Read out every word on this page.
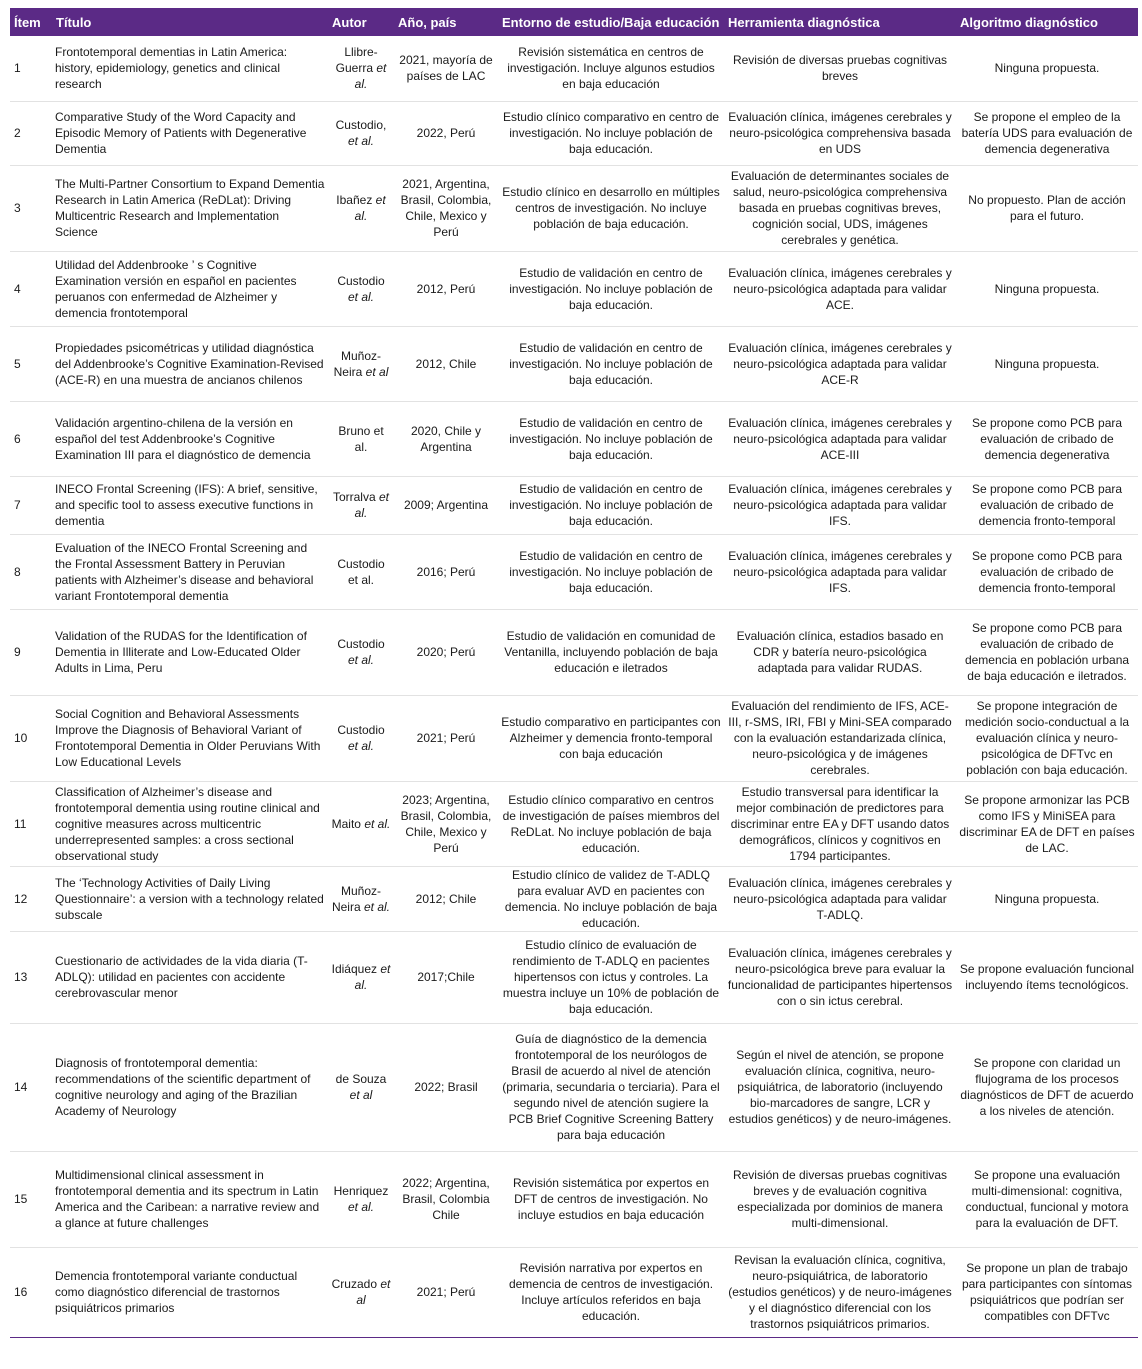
Ítem	Título	Autor	Año, país	Entorno de estudio/Baja educación	Herramienta diagnóstica	Algoritmo diagnóstico
1	Frontotemporal dementias in Latin America: history, epidemiology, genetics and clinical research	Llibre-Guerra et al.	2021, mayoría de países de LAC	Revisión sistemática en centros de investigación. Incluye algunos estudios en baja educación	Revisión de diversas pruebas cognitivas breves	Ninguna propuesta.
2	Comparative Study of the Word Capacity and Episodic Memory of Patients with Degenerative Dementia	Custodio, et al.	2022, Perú	Estudio clínico comparativo en centro de investigación. No incluye población de baja educación.	Evaluación clínica, imágenes cerebrales y neuro-psicológica comprehensiva basada en UDS	Se propone el empleo de la batería UDS para evaluación de demencia degenerativa
3	The Multi-Partner Consortium to Expand Dementia Research in Latin America (ReDLat): Driving Multicentric Research and Implementation Science	Ibañez et al.	2021, Argentina, Brasil, Colombia, Chile, Mexico y Perú	Estudio clínico en desarrollo en múltiples centros de investigación. No incluye población de baja educación.	Evaluación de determinantes sociales de salud, neuro-psicológica comprehensiva basada en pruebas cognitivas breves, cognición social, UDS, imágenes cerebrales y genética.	No propuesto. Plan de acción para el futuro.
4	Utilidad del Addenbrooke ’ s Cognitive Examination versión en español en pacientes peruanos con enfermedad de Alzheimer y demencia frontotemporal	Custodio et al.	2012, Perú	Estudio de validación en centro de investigación. No incluye población de baja educación.	Evaluación clínica, imágenes cerebrales y neuro-psicológica adaptada para validar ACE.	Ninguna propuesta.
5	Propiedades psicométricas y utilidad diagnóstica del Addenbrooke’s Cognitive Examination-Revised (ACE-R) en una muestra de ancianos chilenos	Muñoz-Neira et al	2012, Chile	Estudio de validación en centro de investigación. No incluye población de baja educación.	Evaluación clínica, imágenes cerebrales y neuro-psicológica adaptada para validar ACE-R	Ninguna propuesta.
6	Validación argentino-chilena de la versión en español del test Addenbrooke’s Cognitive Examination III para el diagnóstico de demencia	Bruno et al.	2020, Chile y Argentina	Estudio de validación en centro de investigación. No incluye población de baja educación.	Evaluación clínica, imágenes cerebrales y neuro-psicológica adaptada para validar ACE-III	Se propone como PCB para evaluación de cribado de demencia degenerativa
7	INECO Frontal Screening (IFS): A brief, sensitive, and specific tool to assess executive functions in dementia	Torralva et al.	2009; Argentina	Estudio de validación en centro de investigación. No incluye población de baja educación.	Evaluación clínica, imágenes cerebrales y neuro-psicológica adaptada para validar IFS.	Se propone como PCB para evaluación de cribado de demencia fronto-temporal
8	Evaluation of the INECO Frontal Screening and the Frontal Assessment Battery in Peruvian patients with Alzheimer’s disease and behavioral variant Frontotemporal dementia	Custodio et al.	2016; Perú	Estudio de validación en centro de investigación. No incluye población de baja educación.	Evaluación clínica, imágenes cerebrales y neuro-psicológica adaptada para validar IFS.	Se propone como PCB para evaluación de cribado de demencia fronto-temporal
9	Validation of the RUDAS for the Identification of Dementia in Illiterate and Low-Educated Older Adults in Lima, Peru	Custodio et al.	2020; Perú	Estudio de validación en comunidad de Ventanilla, incluyendo población de baja educación e iletrados	Evaluación clínica, estadios basado en CDR y batería neuro-psicológica adaptada para validar RUDAS.	Se propone como PCB para evaluación de cribado de demencia en población urbana de baja educación e iletrados.
10	Social Cognition and Behavioral Assessments Improve the Diagnosis of Behavioral Variant of Frontotemporal Dementia in Older Peruvians With Low Educational Levels	Custodio et al.	2021; Perú	Estudio comparativo en participantes con Alzheimer y demencia fronto-temporal con baja educación	Evaluación del rendimiento de IFS, ACE-III, r-SMS, IRI, FBI y Mini-SEA comparado con la evaluación estandarizada clínica, neuro-psicológica y de imágenes cerebrales.	Se propone integración de medición socio-conductual a la evaluación clínica y neuro-psicológica de DFTvc en población con baja educación.
11	Classification of Alzheimer’s disease and frontotemporal dementia using routine clinical and cognitive measures across multicentric underrepresented samples: a cross sectional observational study	Maito et al.	2023; Argentina, Brasil, Colombia, Chile, Mexico y Perú	Estudio clínico comparativo en centros de investigación de países miembros del ReDLat. No incluye población de baja educación.	Estudio transversal para identificar la mejor combinación de predictores para discriminar entre EA y DFT usando datos demográficos, clínicos y cognitivos en 1794 participantes.	Se propone armonizar las PCB como IFS y MiniSEA para discriminar EA de DFT en países de LAC.
12	The ‘Technology Activities of Daily Living Questionnaire’: a version with a technology related subscale	Muñoz-Neira et al.	2012; Chile	Estudio clínico de validez de T-ADLQ para evaluar AVD en pacientes con demencia. No incluye población de baja educación.	Evaluación clínica, imágenes cerebrales y neuro-psicológica adaptada para validar T-ADLQ.	Ninguna propuesta.
13	Cuestionario de actividades de la vida diaria (T-ADLQ): utilidad en pacientes con accidente cerebrovascular menor	Idiáquez et al.	2017;Chile	Estudio clínico de evaluación de rendimiento de T-ADLQ en pacientes hipertensos con ictus y controles. La muestra incluye un 10% de población de baja educación.	Evaluación clínica, imágenes cerebrales y neuro-psicológica breve para evaluar la funcionalidad de participantes hipertensos con o sin ictus cerebral.	Se propone evaluación funcional incluyendo ítems tecnológicos.
14	Diagnosis of frontotemporal dementia: recommendations of the scientific department of cognitive neurology and aging of the Brazilian Academy of Neurology	de Souza et al	2022; Brasil	Guía de diagnóstico de la demencia frontotemporal de los neurólogos de Brasil de acuerdo al nivel de atención (primaria, secundaria o terciaria). Para el segundo nivel de atención sugiere la PCB Brief Cognitive Screening Battery para baja educación	Según el nivel de atención, se propone evaluación clínica, cognitiva, neuro-psiquiátrica, de laboratorio (incluyendo bio-marcadores de sangre, LCR y estudios genéticos) y de neuro-imágenes.	Se propone con claridad un flujograma de los procesos diagnósticos de DFT de acuerdo a los niveles de atención.
15	Multidimensional clinical assessment in frontotemporal dementia and its spectrum in Latin America and the Caribean: a narrative review and a glance at future challenges	Henriquez et al.	2022; Argentina, Brasil, Colombia Chile	Revisión sistemática por expertos en DFT de centros de investigación. No incluye estudios en baja educación	Revisión de diversas pruebas cognitivas breves y de evaluación cognitiva especializada por dominios de manera multi-dimensional.	Se propone una evaluación multi-dimensional: cognitiva, conductual, funcional y motora para la evaluación de DFT.
16	Demencia frontotemporal variante conductual como diagnóstico diferencial de trastornos psiquiátricos primarios	Cruzado et al	2021; Perú	Revisión narrativa por expertos en demencia de centros de investigación. Incluye artículos referidos en baja educación.	Revisan la evaluación clínica, cognitiva, neuro-psiquiátrica, de laboratorio (estudios genéticos) y de neuro-imágenes y el diagnóstico diferencial con los trastornos psiquiátricos primarios.	Se propone un plan de trabajo para participantes con síntomas psiquiátricos que podrían ser compatibles con DFTvc
